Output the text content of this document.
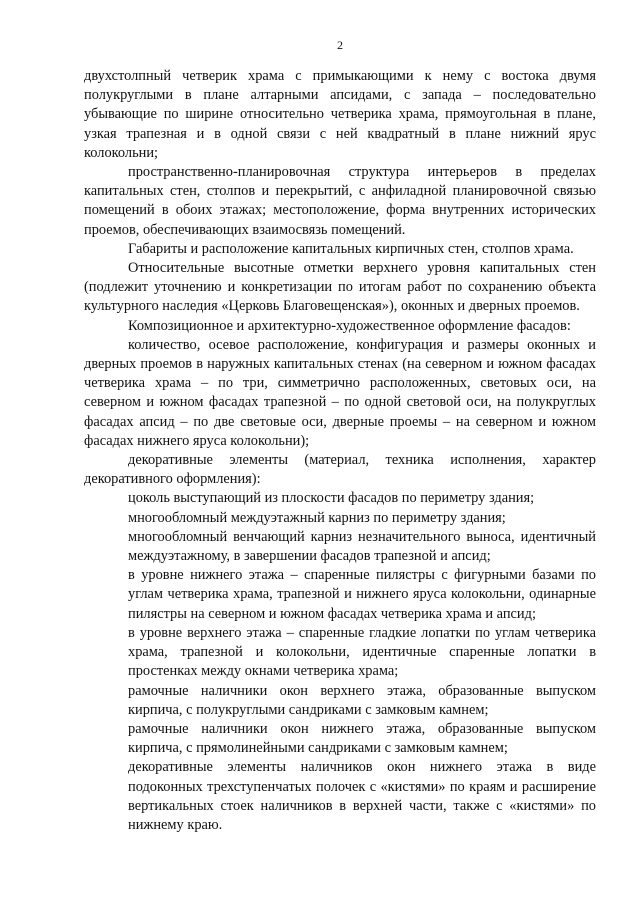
2

двухстолпный четверик храма с примыкающими к нему с востока двумя полукруглыми в плане алтарными апсидами, с запада – последовательно убывающие по ширине относительно четверика храма, прямоугольная в плане, узкая трапезная и в одной связи с ней квадратный в плане нижний ярус колокольни;

пространственно-планировочная структура интерьеров в пределах капитальных стен, столпов и перекрытий, с анфиладной планировочной связью помещений в обоих этажах; местоположение, форма внутренних исторических проемов, обеспечивающих взаимосвязь помещений.

Габариты и расположение капитальных кирпичных стен, столпов храма.

Относительные высотные отметки верхнего уровня капитальных стен (подлежит уточнению и конкретизации по итогам работ по сохранению объекта культурного наследия «Церковь Благовещенская»), оконных и дверных проемов.

Композиционное и архитектурно-художественное оформление фасадов:

количество, осевое расположение, конфигурация и размеры оконных и дверных проемов в наружных капитальных стенах (на северном и южном фасадах четверика храма – по три, симметрично расположенных, световых оси, на северном и южном фасадах трапезной – по одной световой оси, на полукруглых фасадах апсид – по две световые оси, дверные проемы – на северном и южном фасадах нижнего яруса колокольни);

декоративные элементы (материал, техника исполнения, характер декоративного оформления):

цоколь выступающий из плоскости фасадов по периметру здания;

многообломный междуэтажный карниз по периметру здания;

многообломный венчающий карниз незначительного выноса, идентичный междуэтажному, в завершении фасадов трапезной и апсид;

в уровне нижнего этажа – спаренные пилястры с фигурными базами по углам четверика храма, трапезной и нижнего яруса колокольни, одинарные пилястры на северном и южном фасадах четверика храма и апсид;

в уровне верхнего этажа – спаренные гладкие лопатки по углам четверика храма, трапезной и колокольни, идентичные спаренные лопатки в простенках между окнами четверика храма;

рамочные наличники окон верхнего этажа, образованные выпуском кирпича, с полукруглыми сандриками с замковым камнем;

рамочные наличники окон нижнего этажа, образованные выпуском кирпича, с прямолинейными сандриками с замковым камнем;

декоративные элементы наличников окон нижнего этажа в виде подоконных трехступенчатых полочек с «кистями» по краям и расширение вертикальных стоек наличников в верхней части, также с «кистями» по нижнему краю.
